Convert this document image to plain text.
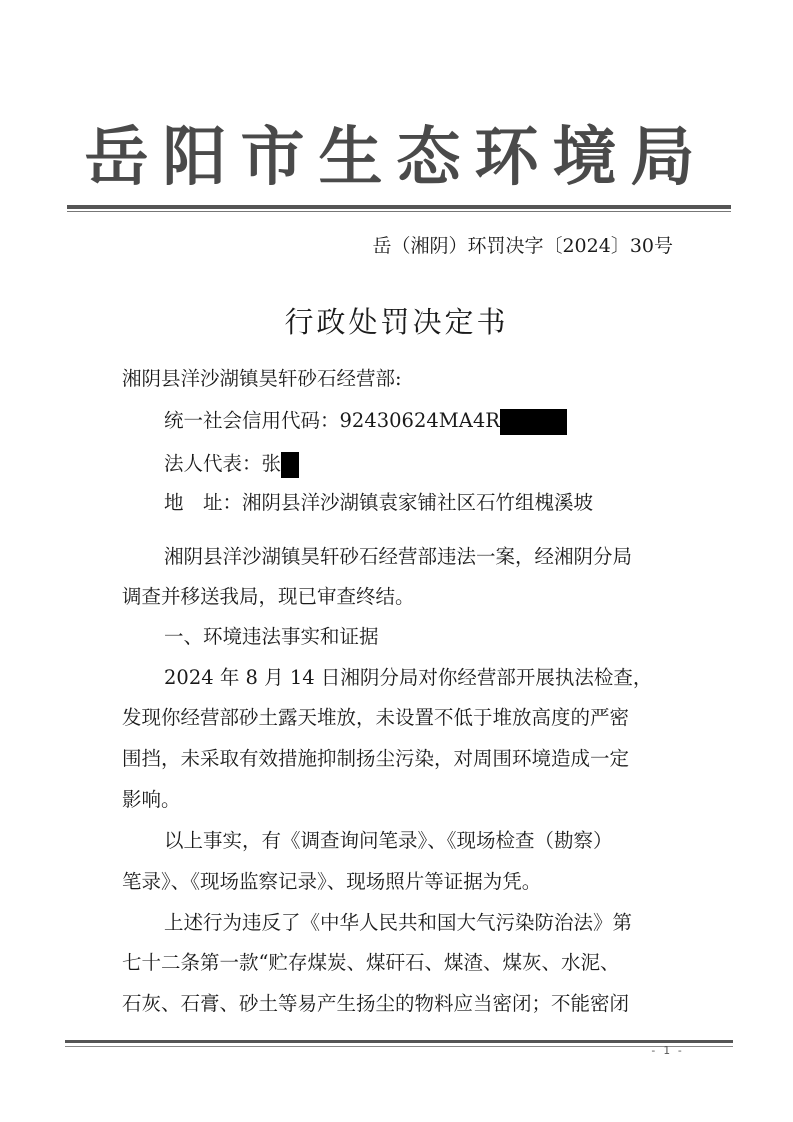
岳阳市生态环境局
岳（湘阴）环罚决字〔2024〕30号
行政处罚决定书
湘阴县洋沙湖镇昊轩砂石经营部:
统一社会信用代码：92430624MA4R
法人代表：张
地　址：湘阴县洋沙湖镇袁家铺社区石竹组槐溪坡
湘阴县洋沙湖镇昊轩砂石经营部违法一案，经湘阴分局
调查并移送我局，现已审查终结。
一、环境违法事实和证据
2024 年 8 月 14 日湘阴分局对你经营部开展执法检查，
发现你经营部砂土露天堆放，未设置不低于堆放高度的严密
围挡，未采取有效措施抑制扬尘污染，对周围环境造成一定
影响。
以上事实，有《调查询问笔录》、《现场检查（勘察）
笔录》、《现场监察记录》、现场照片等证据为凭。
上述行为违反了《中华人民共和国大气污染防治法》第
七十二条第一款“贮存煤炭、煤矸石、煤渣、煤灰、水泥、
石灰、石膏、砂土等易产生扬尘的物料应当密闭；不能密闭
- 1 -
